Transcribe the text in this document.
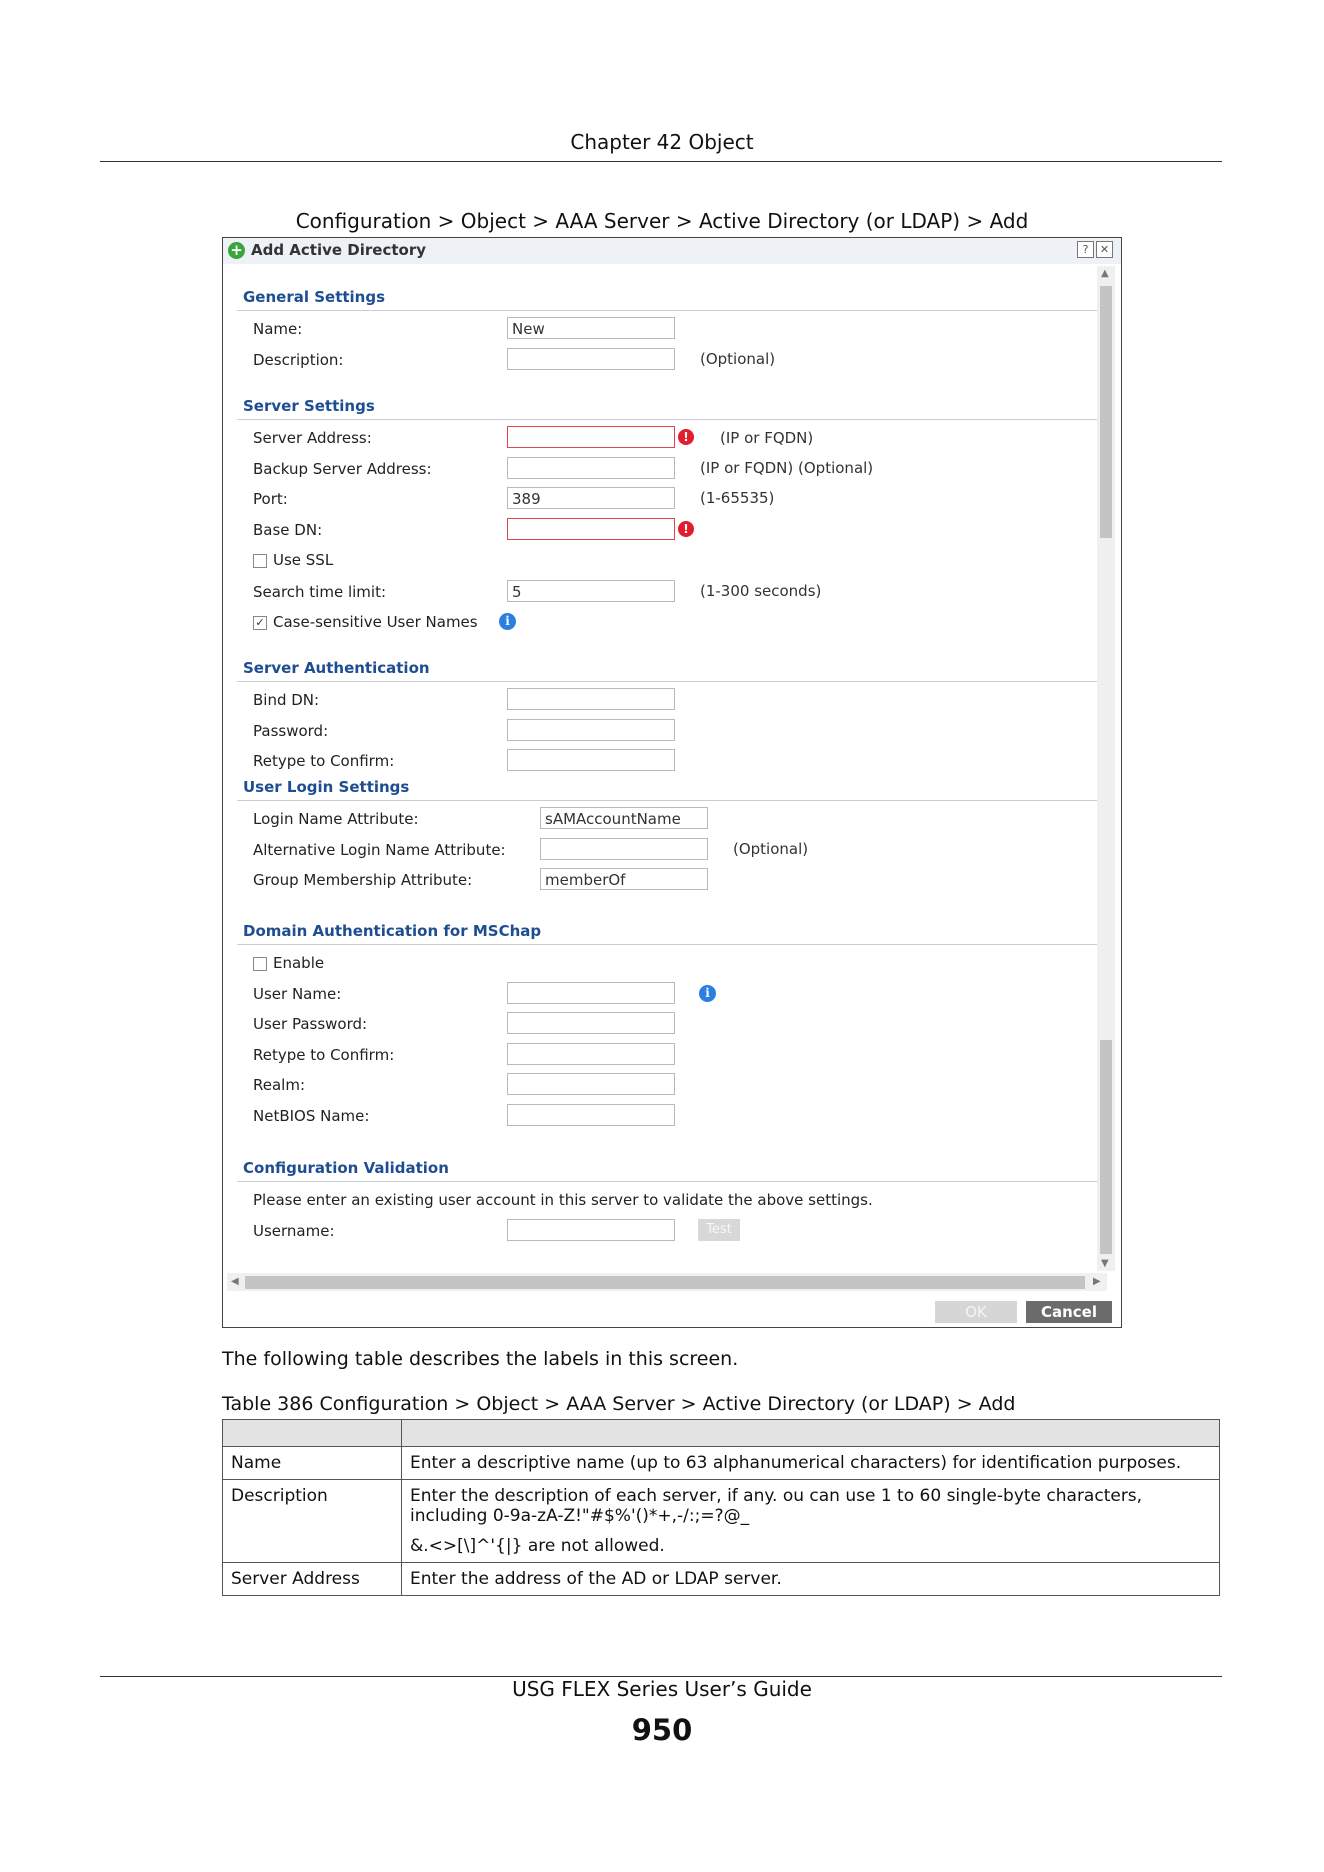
Chapter 42 Object
Configuration > Object > AAA Server > Active Directory (or LDAP) > Add
+ Add Active Directory	?	✕
General Settings
Name:	New
Description:	(Optional)
Server Settings
Server Address:	!	(IP or FQDN)
Backup Server Address:	(IP or FQDN) (Optional)
Port:	389	(1-65535)
Base DN:	!
Use SSL
Search time limit:	5	(1-300 seconds)
✓ Case-sensitive User Names	i
Server Authentication
Bind DN:
Password:
Retype to Confirm:
User Login Settings
Login Name Attribute:	sAMAccountName
Alternative Login Name Attribute:	(Optional)
Group Membership Attribute:	memberOf
Domain Authentication for MSChap
Enable
User Name:	i
User Password:
Retype to Confirm:
Realm:
NetBIOS Name:
Configuration Validation
Please enter an existing user account in this server to validate the above settings.
Username:	Test
▲
▼
◀	▶
OK	Cancel
The following table describes the labels in this screen.
Table 386 Configuration > Object > AAA Server > Active Directory (or LDAP) > Add

Name	Enter a descriptive name (up to 63 alphanumerical characters) for identification purposes.
Description	Enter the description of each server, if any. ou can use 1 to 60 single-byte characters, including 0-9a-zA-Z!"#$%'()*+,-/:;=?@_
&.<>[\]^'{|} are not allowed.

Server Address	Enter the address of the AD or LDAP server.
USG FLEX Series User’s Guide
950
